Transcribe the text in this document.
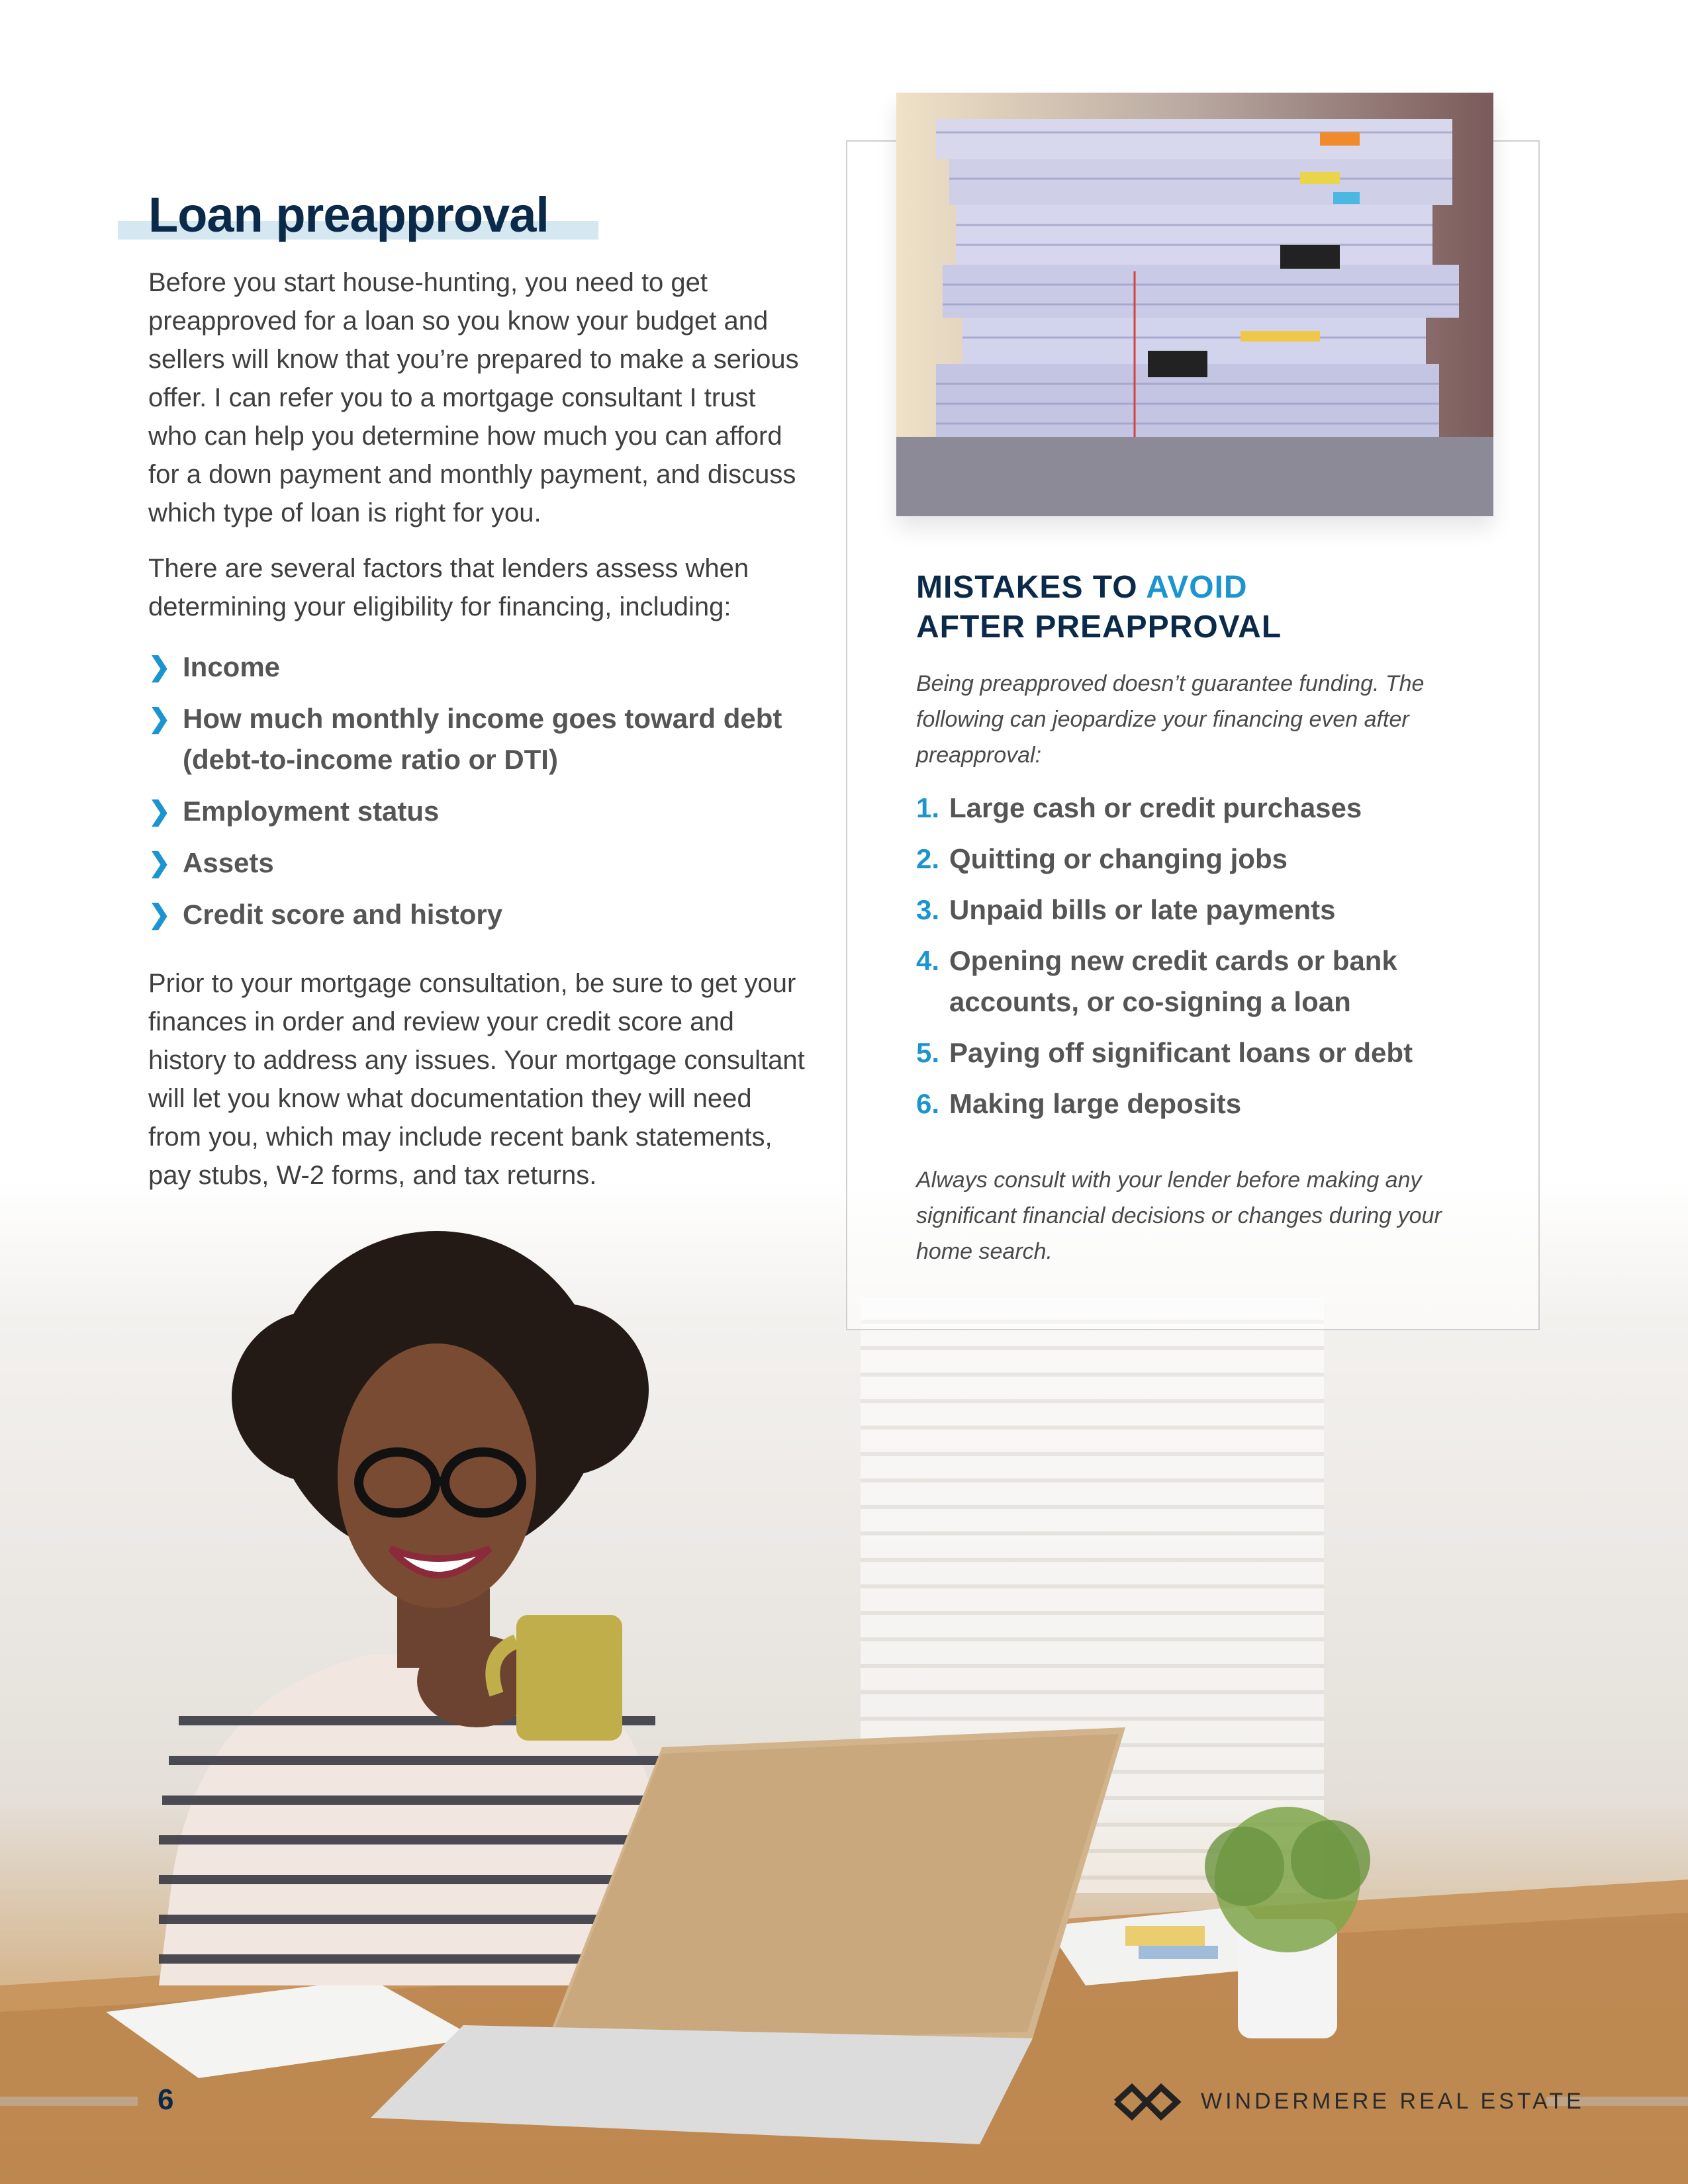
Loan preapproval

Before you start house-hunting, you need to get preapproved for a loan so you know your budget and sellers will know that you’re prepared to make a serious offer. I can refer you to a mortgage consultant I trust who can help you determine how much you can afford for a down payment and monthly payment, and discuss which type of loan is right for you.

There are several factors that lenders assess when determining your eligibility for financing, including:

❯ Income
❯ How much monthly income goes toward debt (debt-to-income ratio or DTI)
❯ Employment status
❯ Assets
❯ Credit score and history

Prior to your mortgage consultation, be sure to get your finances in order and review your credit score and history to address any issues. Your mortgage consultant will let you know what documentation they will need from you, which may include recent bank statements, pay stubs, W-2 forms, and tax returns.

MISTAKES TO AVOID
AFTER PREAPPROVAL

Being preapproved doesn’t guarantee funding. The following can jeopardize your financing even after preapproval:

1. Large cash or credit purchases
2. Quitting or changing jobs
3. Unpaid bills or late payments
4. Opening new credit cards or bank accounts, or co-signing a loan
5. Paying off significant loans or debt
6. Making large deposits

Always consult with your lender before making any significant financial decisions or changes during your home search.

6	WINDERMERE REAL ESTATE
